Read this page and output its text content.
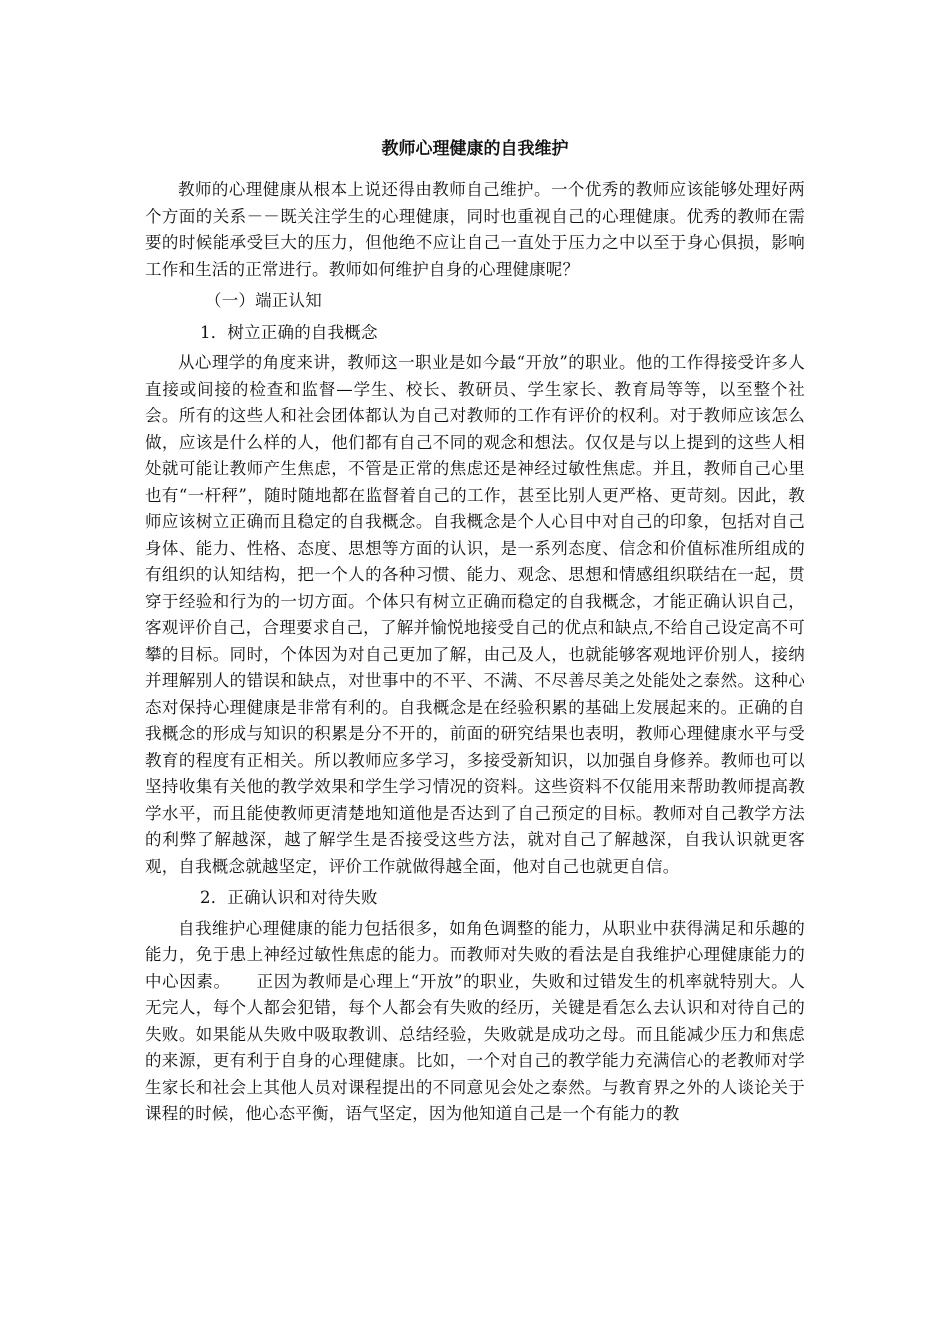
教师心理健康的自我维护

教师的心理健康从根本上说还得由教师自己维护。一个优秀的教师应该能够处理好两个方面的关系－－既关注学生的心理健康，同时也重视自己的心理健康。优秀的教师在需要的时候能承受巨大的压力，但他绝不应让自己一直处于压力之中以至于身心俱损，影响工作和生活的正常进行。教师如何维护自身的心理健康呢？

（一）端正认知
1．树立正确的自我概念

从心理学的角度来讲，教师这一职业是如今最“开放”的职业。他的工作得接受许多人直接或间接的检查和监督—学生、校长、教研员、学生家长、教育局等等，以至整个社会。所有的这些人和社会团体都认为自己对教师的工作有评价的权利。对于教师应该怎么做，应该是什么样的人，他们都有自己不同的观念和想法。仅仅是与以上提到的这些人相处就可能让教师产生焦虑，不管是正常的焦虑还是神经过敏性焦虑。并且，教师自己心里也有“一杆秤”，随时随地都在监督着自己的工作，甚至比别人更严格、更苛刻。因此，教师应该树立正确而且稳定的自我概念。自我概念是个人心目中对自己的印象，包括对自己身体、能力、性格、态度、思想等方面的认识，是一系列态度、信念和价值标准所组成的有组织的认知结构，把一个人的各种习惯、能力、观念、思想和情感组织联结在一起，贯穿于经验和行为的一切方面。个体只有树立正确而稳定的自我概念，才能正确认识自己，客观评价自己，合理要求自己，了解并愉悦地接受自己的优点和缺点,不给自己设定高不可攀的目标。同时，个体因为对自己更加了解，由己及人，也就能够客观地评价别人，接纳并理解别人的错误和缺点，对世事中的不平、不满、不尽善尽美之处能处之泰然。这种心态对保持心理健康是非常有利的。自我概念是在经验积累的基础上发展起来的。正确的自我概念的形成与知识的积累是分不开的，前面的研究结果也表明，教师心理健康水平与受教育的程度有正相关。所以教师应多学习，多接受新知识，以加强自身修养。教师也可以坚持收集有关他的教学效果和学生学习情况的资料。这些资料不仅能用来帮助教师提高教学水平，而且能使教师更清楚地知道他是否达到了自己预定的目标。教师对自己教学方法的利弊了解越深，越了解学生是否接受这些方法，就对自己了解越深，自我认识就更客观，自我概念就越坚定，评价工作就做得越全面，他对自己也就更自信。

2．正确认识和对待失败

自我维护心理健康的能力包括很多，如角色调整的能力，从职业中获得满足和乐趣的能力，免于患上神经过敏性焦虑的能力。而教师对失败的看法是自我维护心理健康能力的中心因素。　　正因为教师是心理上“开放”的职业，失败和过错发生的机率就特别大。人无完人，每个人都会犯错，每个人都会有失败的经历，关键是看怎么去认识和对待自己的失败。如果能从失败中吸取教训、总结经验，失败就是成功之母。而且能减少压力和焦虑的来源，更有利于自身的心理健康。比如，一个对自己的教学能力充满信心的老教师对学生家长和社会上其他人员对课程提出的不同意见会处之泰然。与教育界之外的人谈论关于课程的时候，他心态平衡，语气坚定，因为他知道自己是一个有能力的教
